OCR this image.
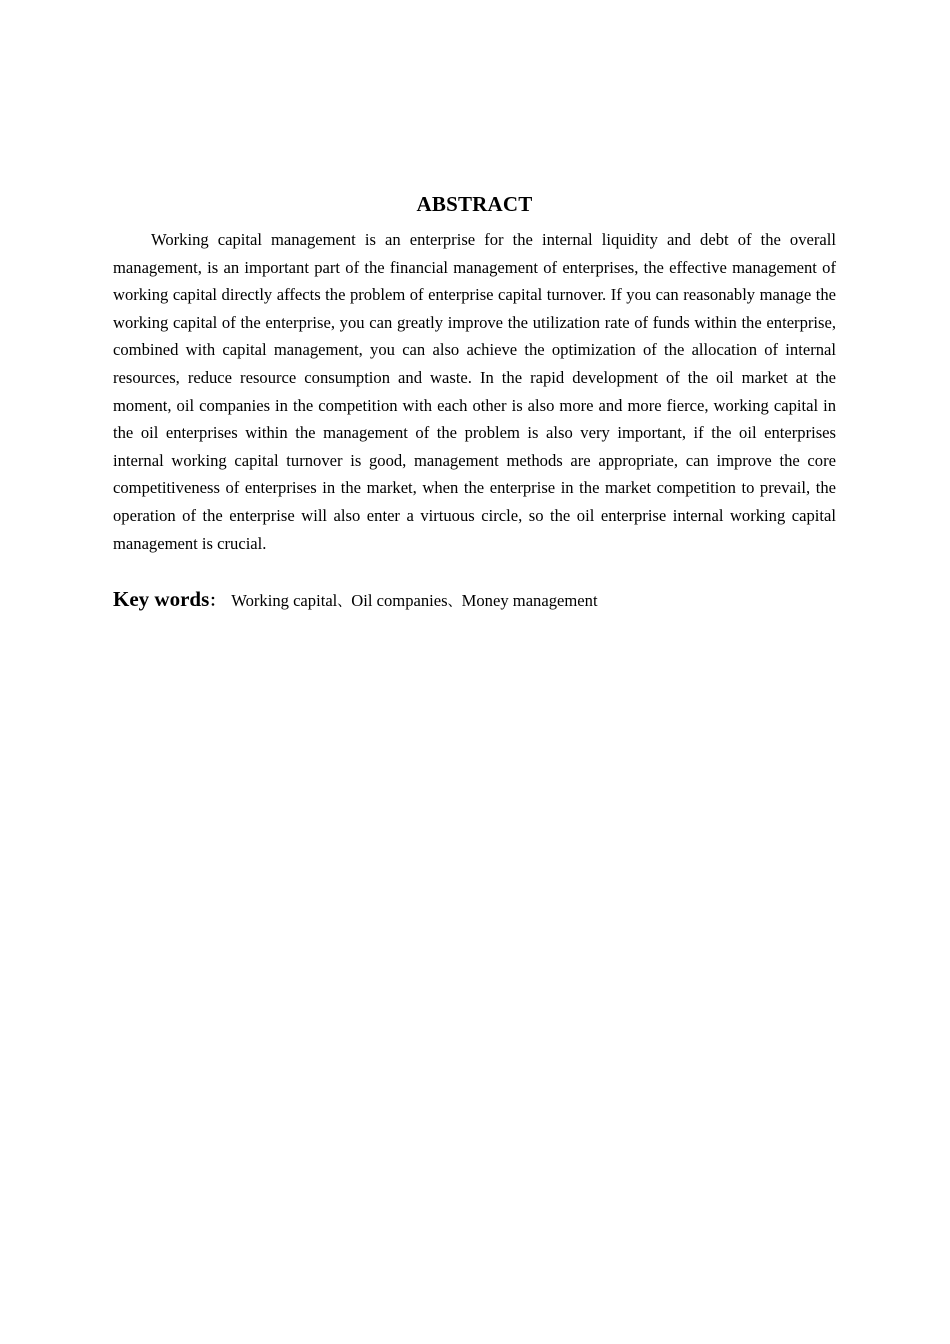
ABSTRACT

Working capital management is an enterprise for the internal liquidity and debt of the overall management, is an important part of the financial management of enterprises, the effective management of working capital directly affects the problem of enterprise capital turnover. If you can reasonably manage the working capital of the enterprise, you can greatly improve the utilization rate of funds within the enterprise, combined with capital management, you can also achieve the optimization of the allocation of internal resources, reduce resource consumption and waste. In the rapid development of the oil market at the moment, oil companies in the competition with each other is also more and more fierce, working capital in the oil enterprises within the management of the problem is also very important, if the oil enterprises internal working capital turnover is good, management methods are appropriate, can improve the core competitiveness of enterprises in the market, when the enterprise in the market competition to prevail, the operation of the enterprise will also enter a virtuous circle, so the oil enterprise internal working capital management is crucial.

Key words： Working capital、Oil companies、Money management
